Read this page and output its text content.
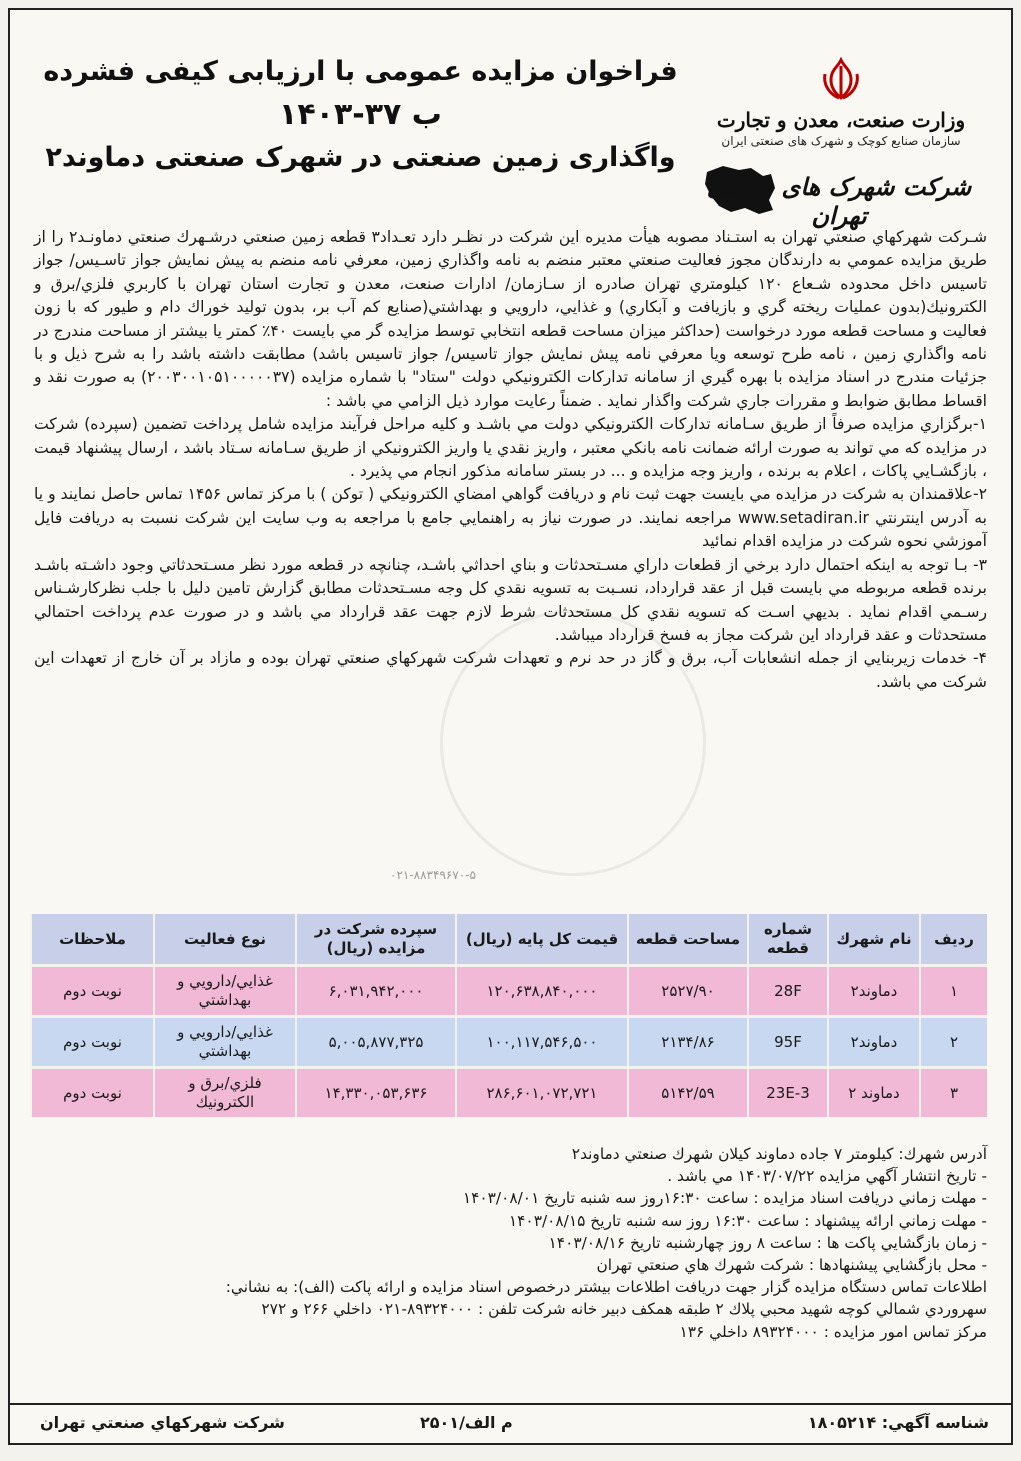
وزارت صنعت، معدن و تجارت
سازمان صنایع کوچک و شهرک های صنعتی ایران
شرکت شهرک های صنعتی تهران
فراخوان مزایده عمومی با ارزیابی کیفی فشرده
ب ۳۷-۱۴۰۳
واگذاری زمین صنعتی در شهرک صنعتی دماوند۲

شـركت شهركهاي صنعتي تهران به استـناد مصوبه هيأت مديره اين شركت در نظـر دارد تعـداد۳ قطعه زمين صنعتي درشـهرك صنعتي دماونـد۲ را از طريق مزايده عمومي به دارندگان مجوز فعاليت صنعتي معتبر منضم به نامه واگذاري زمين، معرفي نامه منضم به پيش نمايش جواز تاسـيس/ جواز تاسيس داخل محدوده شـعاع ۱۲۰ كيلومتري تهران صادره از سـازمان/ ادارات صنعت، معدن و تجارت استان تهران با كاربري فلزي/برق و الكترونيك(بدون عمليات ريخته گري و بازيافت و آبكاري) و غذايي، دارويي و بهداشتي(صنايع كم آب بر، بدون توليد خوراك دام و طيور كه با زون فعاليت و مساحت قطعه مورد درخواست (حداكثر ميزان مساحت قطعه انتخابي توسط مزايده گر مي بايست ۴۰٪ كمتر يا بيشتر از مساحت مندرج در نامه واگذاري زمين ، نامه طرح توسعه ويا معرفي نامه پيش نمايش جواز تاسيس/ جواز تاسيس باشد) مطابقت داشته باشد را به شرح ذيل و با جزئيات مندرج در اسناد مزايده با بهره گيري از سامانه تداركات الكترونيكي دولت "ستاد" با شماره مزايده (۲۰۰۳۰۰۱۰۵۱۰۰۰۰۰۳۷) به صورت نقد و اقساط مطابق ضوابط و مقررات جاري شركت واگذار نمايد . ضمناً رعايت موارد ذيل الزامي مي باشد :

۱-برگزاري مزايده صرفاً از طريق سـامانه تداركات الكترونيكي دولت مي باشـد و كليه مراحل فرآيند مزايده شامل پرداخت تضمين (سپرده) شركت در مزايده كه مي تواند به صورت ارائه ضمانت نامه بانكي معتبر ، واريز نقدي يا واريز الكترونيكي از طريق سـامانه سـتاد باشد ، ارسال پيشنهاد قيمت ، بازگشـايي پاكات ، اعلام به برنده ، واريز وجه مزايده و ... در بستر سامانه مذكور انجام مي پذيرد .

۲-علاقمندان به شركت در مزايده مي بايست جهت ثبت نام و دريافت گواهي امضاي الكترونيكي ( توكن ) با مركز تماس ۱۴۵۶ تماس حاصل نمايند و يا به آدرس اينترنتي www.setadiran.ir مراجعه نمايند. در صورت نياز به راهنمايي جامع با مراجعه به وب سايت اين شركت نسبت به دريافت فايل آموزشي نحوه شركت در مزايده اقدام نمائيد

۳- بـا توجه به اينكه احتمال دارد برخي از قطعات داراي مسـتحدثات و بناي احداثي باشـد، چنانچه در قطعه مورد نظر مسـتحدثاتي وجود داشـته باشـد برنده قطعه مربوطه مي بايست قبل از عقد قرارداد، نسـبت به تسويه نقدي كل وجه مسـتحدثات مطابق گزارش تامين دليل با جلب نظركارشـناس رسـمي اقدام نمايد . بديهي اسـت كه تسويه نقدي كل مستحدثات شرط لازم جهت عقد قرارداد مي باشد و در صورت عدم پرداخت احتمالي مستحدثات و عقد قرارداد اين شركت مجاز به فسخ قرارداد ميباشد.

۴- خدمات زيربنايي از جمله انشعابات آب، برق و گاز در حد نرم و تعهدات شركت شهركهاي صنعتي تهران بوده و مازاد بر آن خارج از تعهدات اين شركت مي باشد.

۰۲۱-۸۸۳۴۹۶۷۰-۵
رديف	نام شهرك	شماره قطعه	مساحت قطعه	قيمت كل پايه (ريال)	سپرده شركت در مزايده (ريال)	نوع فعاليت	ملاحظات
۱	دماوند۲	28F	۲۵۲۷/۹۰	۱۲۰,۶۳۸,۸۴۰,۰۰۰	۶,۰۳۱,۹۴۲,۰۰۰	غذايي/دارويي و بهداشتي	نوبت دوم
۲	دماوند۲	95F	۲۱۳۴/۸۶	۱۰۰,۱۱۷,۵۴۶,۵۰۰	۵,۰۰۵,۸۷۷,۳۲۵	غذايي/دارويي و بهداشتي	نوبت دوم
۳	دماوند ۲	23E-3	۵۱۴۲/۵۹	۲۸۶,۶۰۱,۰۷۲,۷۲۱	۱۴,۳۳۰,۰۵۳,۶۳۶	فلزي/برق و الكترونيك	نوبت دوم
آدرس شهرك: كيلومتر ۷ جاده دماوند كيلان شهرك صنعتي دماوند۲
- تاريخ انتشار آگهي مزايده ۱۴۰۳/۰۷/۲۲ مي باشد .
- مهلت زماني دريافت اسناد مزايده : ساعت ۱۶:۳۰روز سه شنبه تاريخ ۱۴۰۳/۰۸/۰۱
- مهلت زماني ارائه پيشنهاد : ساعت ۱۶:۳۰ روز سه شنبه تاريخ ۱۴۰۳/۰۸/۱۵
- زمان بازگشايي پاكت ها : ساعت ۸ روز چهارشنبه تاريخ ۱۴۰۳/۰۸/۱۶
- محل بازگشايي پيشنهادها : شركت شهرك هاي صنعتي تهران
اطلاعات تماس دستگاه مزايده گزار جهت دريافت اطلاعات بيشتر درخصوص اسناد مزايده و ارائه پاكت (الف): به نشاني:
سهروردي شمالي كوچه شهيد محبي پلاك ۲ طبقه همكف دبير خانه شركت تلفن : ۸۹۳۲۴۰۰۰-۰۲۱ داخلي ۲۶۶ و ۲۷۲
مركز تماس امور مزايده : ۸۹۳۲۴۰۰۰ داخلي ۱۳۶
شناسه آگهي: ۱۸۰۵۲۱۴
م الف/۲۵۰۱
شركت شهركهاي صنعتي تهران
